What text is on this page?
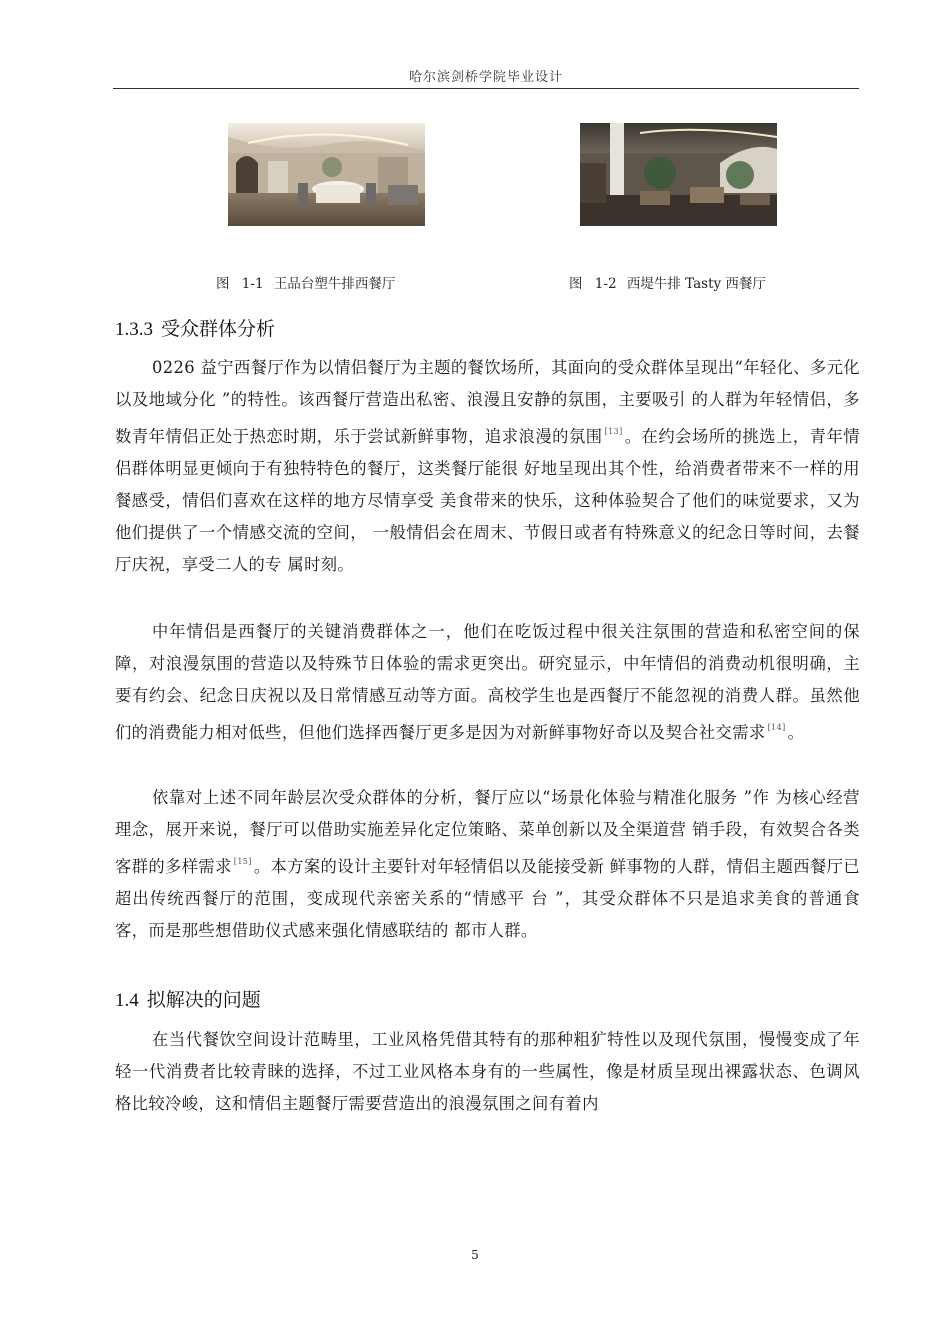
哈尔滨剑桥学院毕业设计
图 1-1 王品台塑牛排西餐厅	图 1-2 西堤牛排 Tasty 西餐厅
1.3.3 受众群体分析

0226 益宁西餐厅作为以情侣餐厅为主题的餐饮场所，其面向的受众群体呈现出“年轻化、多元化以及地域分化 ”的特性。该西餐厅营造出私密、浪漫且安静的氛围，主要吸引 的人群为年轻情侣，多数青年情侣正处于热恋时期，乐于尝试新鲜事物，追求浪漫的氛围 [13] 。在约会场所的挑选上，青年情侣群体明显更倾向于有独特特色的餐厅，这类餐厅能很 好地呈现出其个性，给消费者带来不一样的用餐感受，情侣们喜欢在这样的地方尽情享受 美食带来的快乐，这种体验契合了他们的味觉要求，又为他们提供了一个情感交流的空间， 一般情侣会在周末、节假日或者有特殊意义的纪念日等时间，去餐厅庆祝，享受二人的专 属时刻。

中年情侣是西餐厅的关键消费群体之一，他们在吃饭过程中很关注氛围的营造和私密空间的保障，对浪漫氛围的营造以及特殊节日体验的需求更突出。研究显示，中年情侣的消费动机很明确，主要有约会、纪念日庆祝以及日常情感互动等方面。高校学生也是西餐厅不能忽视的消费人群。虽然他们的消费能力相对低些，但他们选择西餐厅更多是因为对新鲜事物好奇以及契合社交需求 [14] 。

依靠对上述不同年龄层次受众群体的分析，餐厅应以“场景化体验与精准化服务 ”作 为核心经营理念，展开来说，餐厅可以借助实施差异化定位策略、菜单创新以及全渠道营 销手段，有效契合各类客群的多样需求 [15] 。本方案的设计主要针对年轻情侣以及能接受新 鲜事物的人群，情侣主题西餐厅已超出传统西餐厅的范围，变成现代亲密关系的“情感平 台 ”，其受众群体不只是追求美食的普通食客，而是那些想借助仪式感来强化情感联结的 都市人群。

1.4 拟解决的问题

在当代餐饮空间设计范畴里，工业风格凭借其特有的那种粗犷特性以及现代氛围，慢慢变成了年轻一代消费者比较青睐的选择，不过工业风格本身有的一些属性，像是材质呈现出裸露状态、色调风格比较冷峻，这和情侣主题餐厅需要营造出的浪漫氛围之间有着内

5
